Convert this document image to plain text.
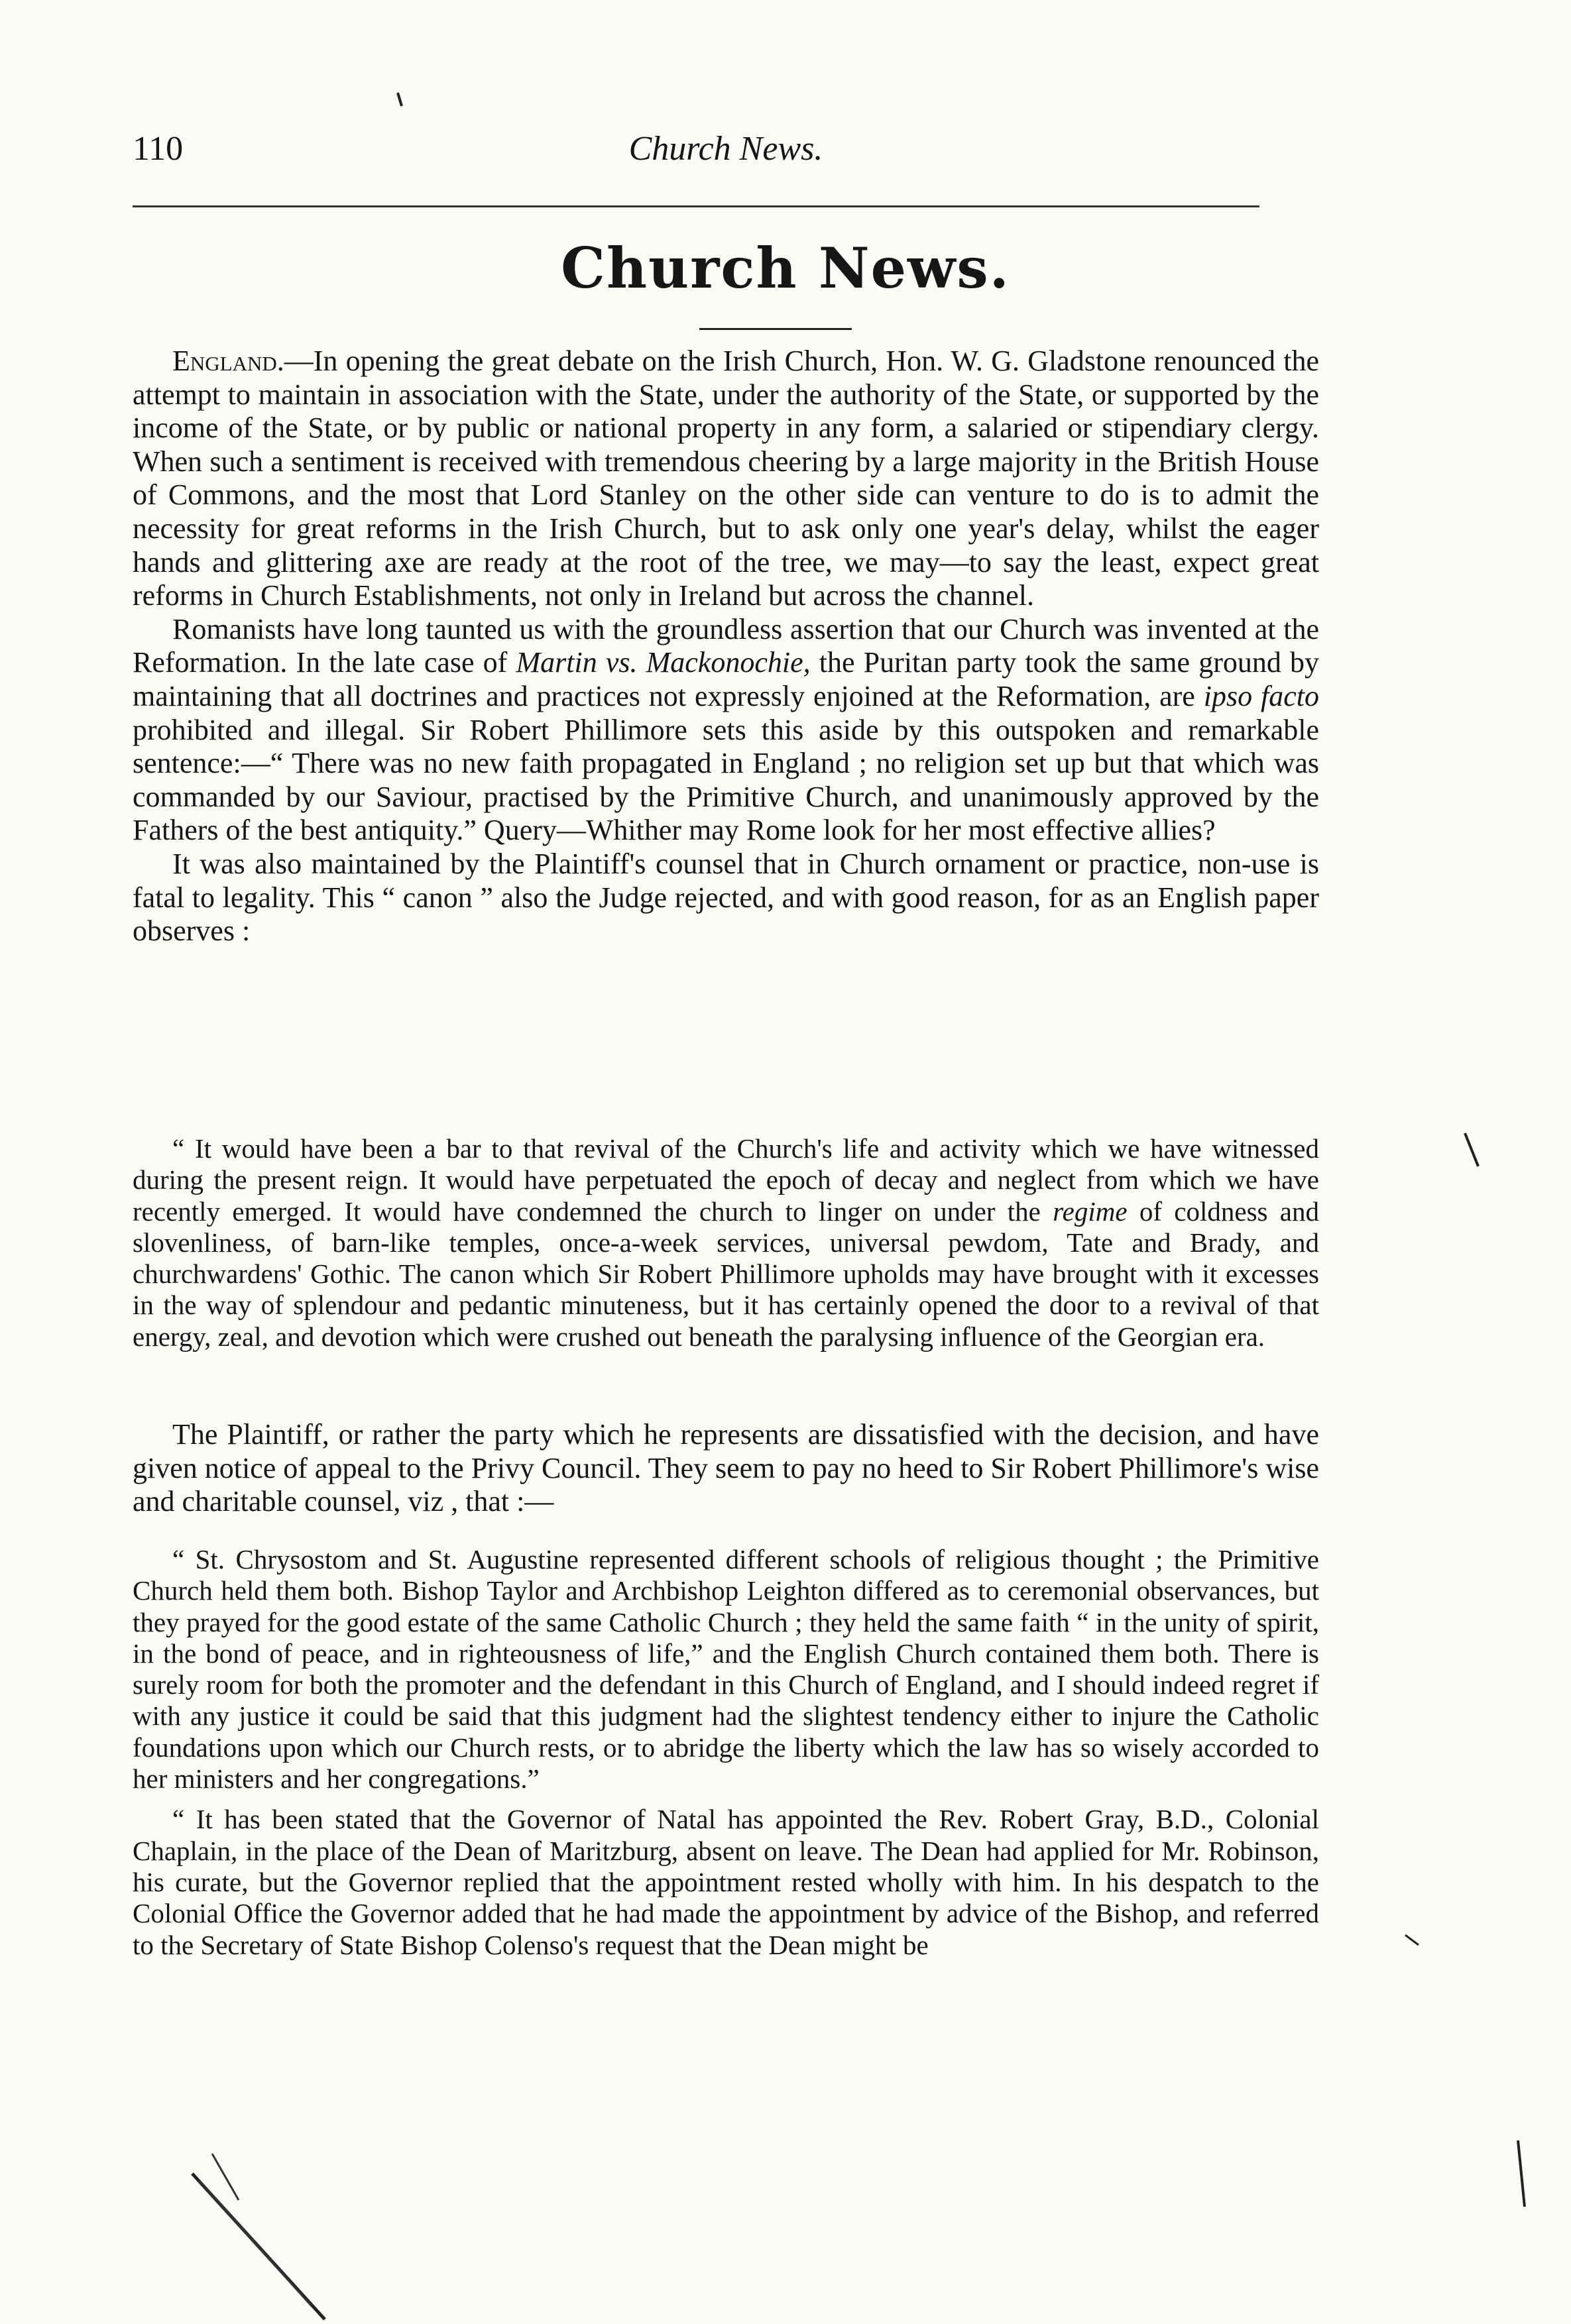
110	Church News.
Church News.

England.—In opening the great debate on the Irish Church, Hon. W. G. Gladstone renounced the attempt to maintain in association with the State, under the authority of the State, or supported by the income of the State, or by public or national property in any form, a salaried or stipendiary clergy. When such a sentiment is received with tremendous cheering by a large majority in the British House of Commons, and the most that Lord Stanley on the other side can venture to do is to admit the necessity for great reforms in the Irish Church, but to ask only one year's delay, whilst the eager hands and glittering axe are ready at the root of the tree, we may—to say the least, expect great reforms in Church Establishments, not only in Ireland but across the channel.

Romanists have long taunted us with the groundless assertion that our Church was invented at the Reformation. In the late case of Martin vs. Mackonochie, the Puritan party took the same ground by maintaining that all doctrines and practices not expressly enjoined at the Reformation, are ipso facto prohibited and illegal. Sir Robert Phillimore sets this aside by this outspoken and remarkable sentence:—“ There was no new faith propagated in England ; no religion set up but that which was commanded by our Saviour, practised by the Primitive Church, and unanimously approved by the Fathers of the best antiquity.” Query—Whither may Rome look for her most effective allies?

It was also maintained by the Plaintiff's counsel that in Church ornament or practice, non-use is fatal to legality. This “ canon ” also the Judge rejected, and with good reason, for as an English paper observes :

“ It would have been a bar to that revival of the Church's life and activity which we have witnessed during the present reign. It would have perpetuated the epoch of decay and neglect from which we have recently emerged. It would have condemned the church to linger on under the regime of coldness and slovenliness, of barn-like temples, once-a-week services, universal pewdom, Tate and Brady, and churchwardens' Gothic. The canon which Sir Robert Phillimore upholds may have brought with it excesses in the way of splendour and pedantic minuteness, but it has certainly opened the door to a revival of that energy, zeal, and devotion which were crushed out beneath the paralysing influence of the Georgian era.

The Plaintiff, or rather the party which he represents are dissatisfied with the decision, and have given notice of appeal to the Privy Council. They seem to pay no heed to Sir Robert Phillimore's wise and charitable counsel, viz , that :—

“ St. Chrysostom and St. Augustine represented different schools of religious thought ; the Primitive Church held them both. Bishop Taylor and Archbishop Leighton differed as to ceremonial observances, but they prayed for the good estate of the same Catholic Church ; they held the same faith “ in the unity of spirit, in the bond of peace, and in righteousness of life,” and the English Church contained them both. There is surely room for both the promoter and the defendant in this Church of England, and I should indeed regret if with any justice it could be said that this judgment had the slightest tendency either to injure the Catholic foundations upon which our Church rests, or to abridge the liberty which the law has so wisely accorded to her ministers and her congregations.”

“ It has been stated that the Governor of Natal has appointed the Rev. Robert Gray, B.D., Colonial Chaplain, in the place of the Dean of Maritzburg, absent on leave. The Dean had applied for Mr. Robinson, his curate, but the Governor replied that the appointment rested wholly with him. In his despatch to the Colonial Office the Governor added that he had made the appointment by advice of the Bishop, and referred to the Secretary of State Bishop Colenso's request that the Dean might be
